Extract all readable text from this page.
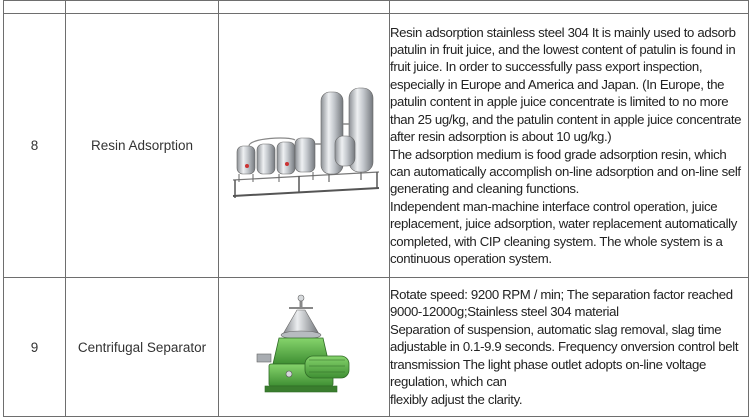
8	Resin Adsorption		Resin adsorption stainless steel 304 It is mainly used to adsorb patulin in fruit juice, and the lowest content of patulin is found in fruit juice. In order to successfully pass export inspection, especially in Europe and America and Japan. (In Europe, the patulin content in apple juice concentrate is limited to no more than 25 ug/kg, and the patulin content in apple juice concentrate after resin adsorption is about 10 ug/kg.)

The adsorption medium is food grade adsorption resin, which can automatically accomplish on-line adsorption and on-line self generating and cleaning functions.

Independent man-machine interface control operation, juice replacement, juice adsorption, water replacement automatically completed, with CIP cleaning system. The whole system is a continuous operation system.

9	Centrifugal Separator		Rotate speed: 9200 RPM / min; The separation factor reached 9000-12000g;Stainless steel 304 material

Separation of suspension, automatic slag removal, slag time adjustable in 0.1-9.9 seconds. Frequency onversion control belt transmission The light phase outlet adopts on-line voltage regulation, which can

flexibly adjust the clarity.
